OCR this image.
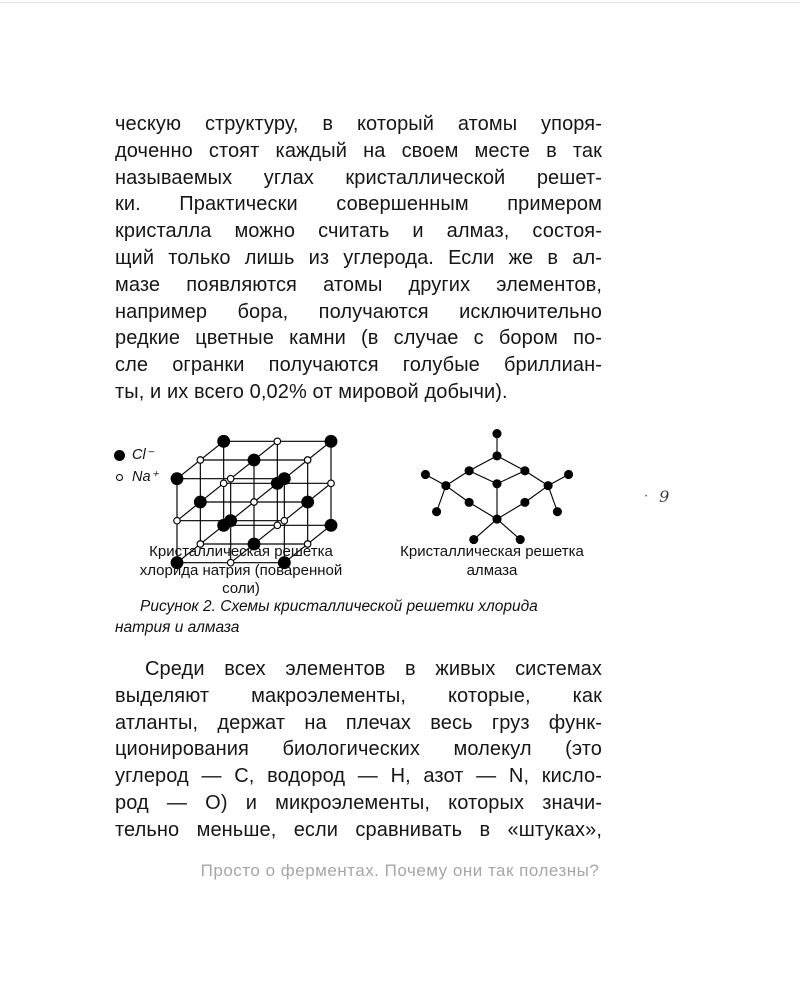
ческую структуру, в который атомы упоря-
доченно стоят каждый на своем месте в так
называемых углах кристаллической решет-
ки. Практически совершенным примером
кристалла можно считать и алмаз, состоя-
щий только лишь из углерода. Если же в ал-
мазе появляются атомы других элементов,
например бора, получаются исключительно
редкие цветные камни (в случае с бором по-
сле огранки получаются голубые бриллиан-
ты, и их всего 0,02% от мировой добычи).
Cl⁻
Na⁺
· 9
Кристаллическая решетка
хлорида натрия (поваренной
соли)
Кристаллическая решетка
алмаза
Рисунок 2. Схемы кристаллической решетки хлорида
натрия и алмаза
Среди всех элементов в живых системах
выделяют макроэлементы, которые, как
атланты, держат на плечах весь груз функ-
ционирования биологических молекул (это
углерод — C, водород — H, азот — N, кисло-
род — O) и микроэлементы, которых значи-
тельно меньше, если сравнивать в «штуках»,
Просто о ферментах. Почему они так полезны?
